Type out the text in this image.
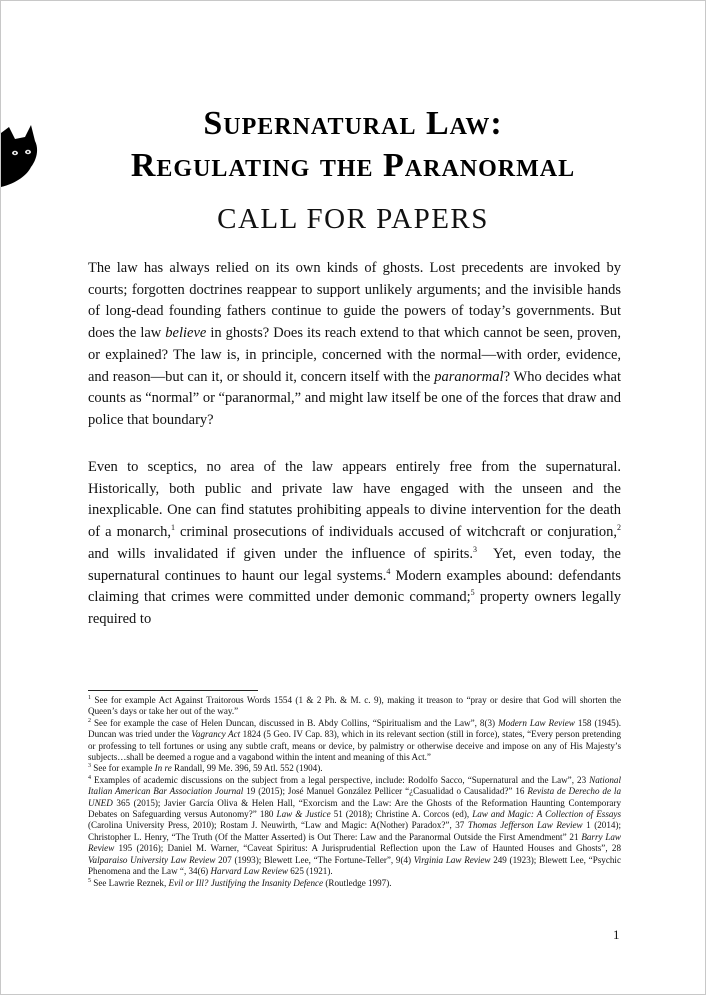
Supernatural Law:
Regulating the Paranormal
CALL FOR PAPERS
The law has always relied on its own kinds of ghosts. Lost precedents are invoked by courts; forgotten doctrines reappear to support unlikely arguments; and the invisible hands of long-dead founding fathers continue to guide the powers of today’s governments. But does the law believe in ghosts? Does its reach extend to that which cannot be seen, proven, or explained? The law is, in principle, concerned with the normal—with order, evidence, and reason—but can it, or should it, concern itself with the paranormal? Who decides what counts as “normal” or “paranormal,” and might law itself be one of the forces that draw and police that boundary?
Even to sceptics, no area of the law appears entirely free from the supernatural. Historically, both public and private law have engaged with the unseen and the inexplicable. One can find statutes prohibiting appeals to divine intervention for the death of a monarch,$^1$ criminal prosecutions of individuals accused of witchcraft or conjuration,$^2$ and wills invalidated if given under the influence of spirits.$^3$  Yet, even today, the supernatural continues to haunt our legal systems.$^4$ Modern examples abound: defendants claiming that crimes were committed under demonic command;$^5$ property owners legally required to

$^1$ See for example Act Against Traitorous Words 1554 (1 & 2 Ph. & M. c. 9), making it treason to “pray or desire that God will shorten the Queen’s days or take her out of the way.”

$^2$ See for example the case of Helen Duncan, discussed in B. Abdy Collins, “Spiritualism and the Law”, 8(3) Modern Law Review 158 (1945). Duncan was tried under the Vagrancy Act 1824 (5 Geo. IV Cap. 83), which in its relevant section (still in force), states, “Every person pretending or professing to tell fortunes or using any subtle craft, means or device, by palmistry or otherwise deceive and impose on any of His Majesty’s subjects…shall be deemed a rogue and a vagabond within the intent and meaning of this Act.”

$^3$ See for example In re Randall, 99 Me. 396, 59 Atl. 552 (1904).

$^4$ Examples of academic discussions on the subject from a legal perspective, include: Rodolfo Sacco, “Supernatural and the Law”, 23 National Italian American Bar Association Journal 19 (2015); José Manuel González Pellicer “¿Casualidad o Causalidad?” 16 Revista de Derecho de la UNED 365 (2015); Javier García Oliva & Helen Hall, “Exorcism and the Law: Are the Ghosts of the Reformation Haunting Contemporary Debates on Safeguarding versus Autonomy?” 180 Law & Justice 51 (2018); Christine A. Corcos (ed), Law and Magic: A Collection of Essays (Carolina University Press, 2010); Rostam J. Neuwirth, “Law and Magic: A(Nother) Paradox?”, 37 Thomas Jefferson Law Review 1 (2014); Christopher L. Henry, “The Truth (Of the Matter Asserted) is Out There: Law and the Paranormal Outside the First Amendment” 21 Barry Law Review 195 (2016); Daniel M. Warner, “Caveat Spiritus: A Jurisprudential Reflection upon the Law of Haunted Houses and Ghosts”, 28 Valparaiso University Law Review 207 (1993); Blewett Lee, “The Fortune-Teller”, 9(4) Virginia Law Review 249 (1923); Blewett Lee, “Psychic Phenomena and the Law “, 34(6) Harvard Law Review 625 (1921).

$^5$ See Lawrie Reznek, Evil or Ill? Justifying the Insanity Defence (Routledge 1997).

1
